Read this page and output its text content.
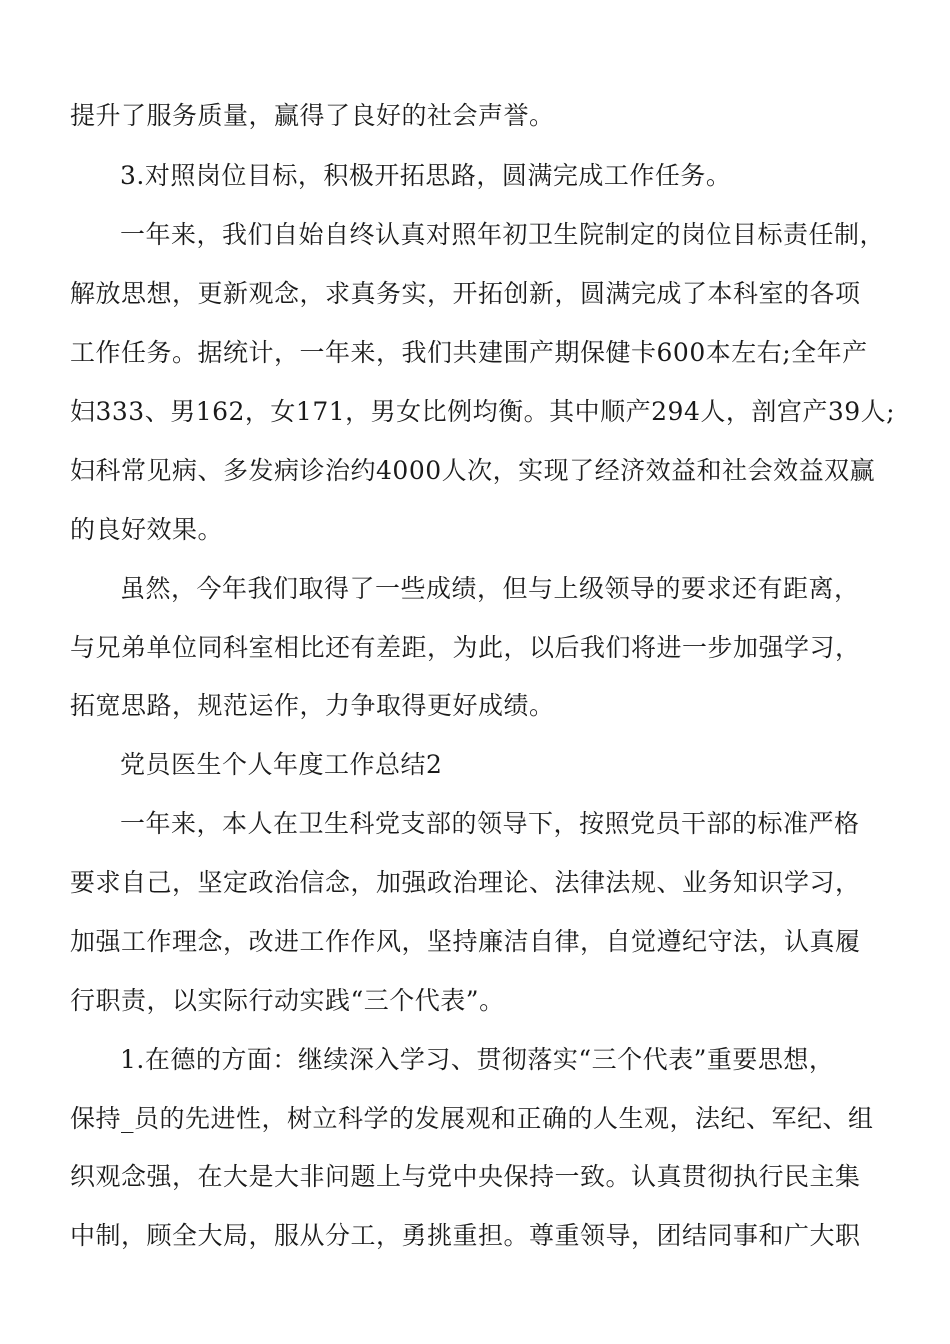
提升了服务质量，赢得了良好的社会声誉。
3.对照岗位目标，积极开拓思路，圆满完成工作任务。
一年来，我们自始自终认真对照年初卫生院制定的岗位目标责任制，
解放思想，更新观念，求真务实，开拓创新，圆满完成了本科室的各项
工作任务。据统计，一年来，我们共建围产期保健卡600本左右;全年产
妇333、男162，女171，男女比例均衡。其中顺产294人，剖宫产39人;
妇科常见病、多发病诊治约4000人次，实现了经济效益和社会效益双赢
的良好效果。
虽然，今年我们取得了一些成绩，但与上级领导的要求还有距离，
与兄弟单位同科室相比还有差距，为此，以后我们将进一步加强学习，
拓宽思路，规范运作，力争取得更好成绩。
党员医生个人年度工作总结2
一年来，本人在卫生科党支部的领导下，按照党员干部的标准严格
要求自己，坚定政治信念，加强政治理论、法律法规、业务知识学习，
加强工作理念，改进工作作风，坚持廉洁自律，自觉遵纪守法，认真履
行职责，以实际行动实践“三个代表”。
1.在德的方面：继续深入学习、贯彻落实“三个代表”重要思想，
保持_员的先进性，树立科学的发展观和正确的人生观，法纪、军纪、组
织观念强，在大是大非问题上与党中央保持一致。认真贯彻执行民主集
中制，顾全大局，服从分工，勇挑重担。尊重领导，团结同事和广大职
